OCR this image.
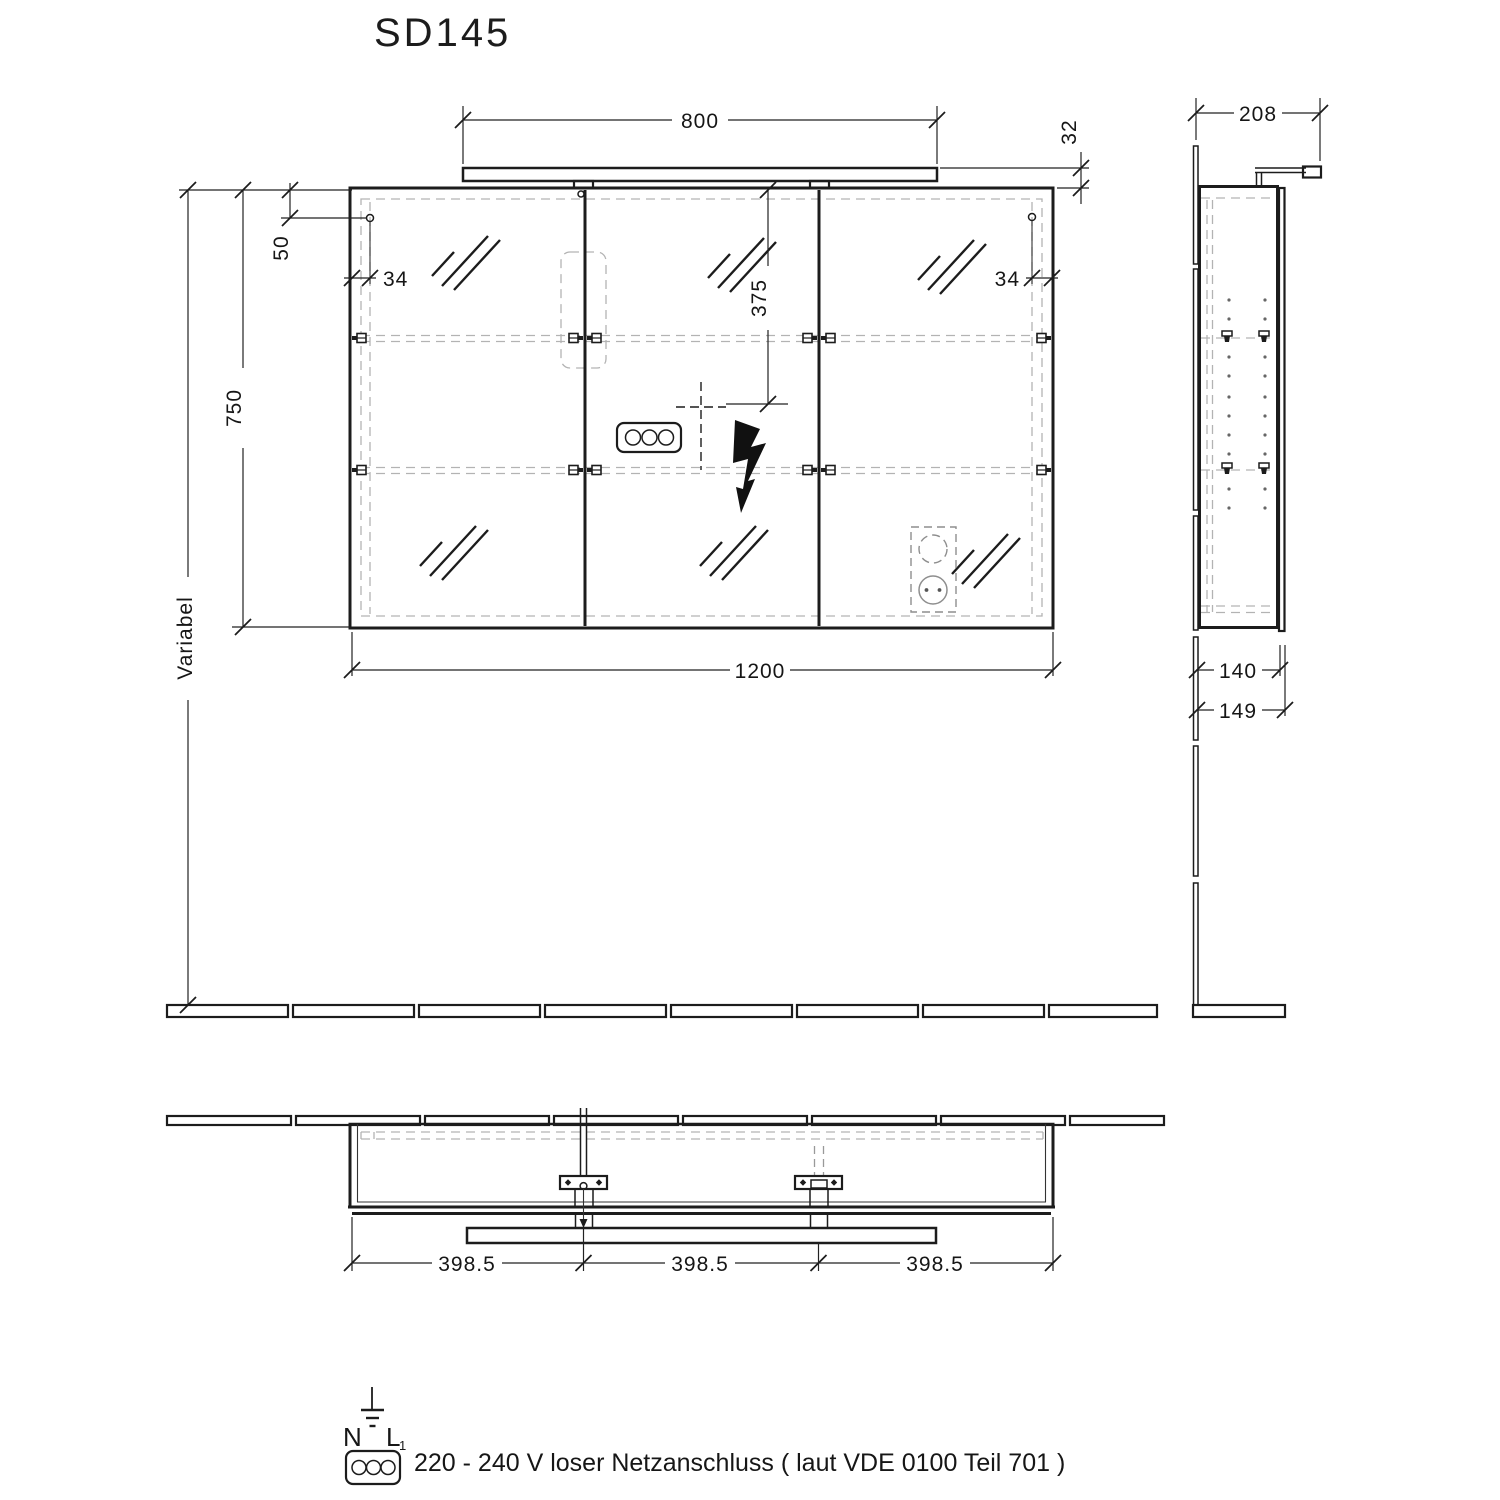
SD145
800	32
50
750
Variabel
34	34
375
1200
208
140
149
398.5	398.5	398.5
N L
1
220 - 240 V loser Netzanschluss ( laut VDE 0100 Teil 701 )
